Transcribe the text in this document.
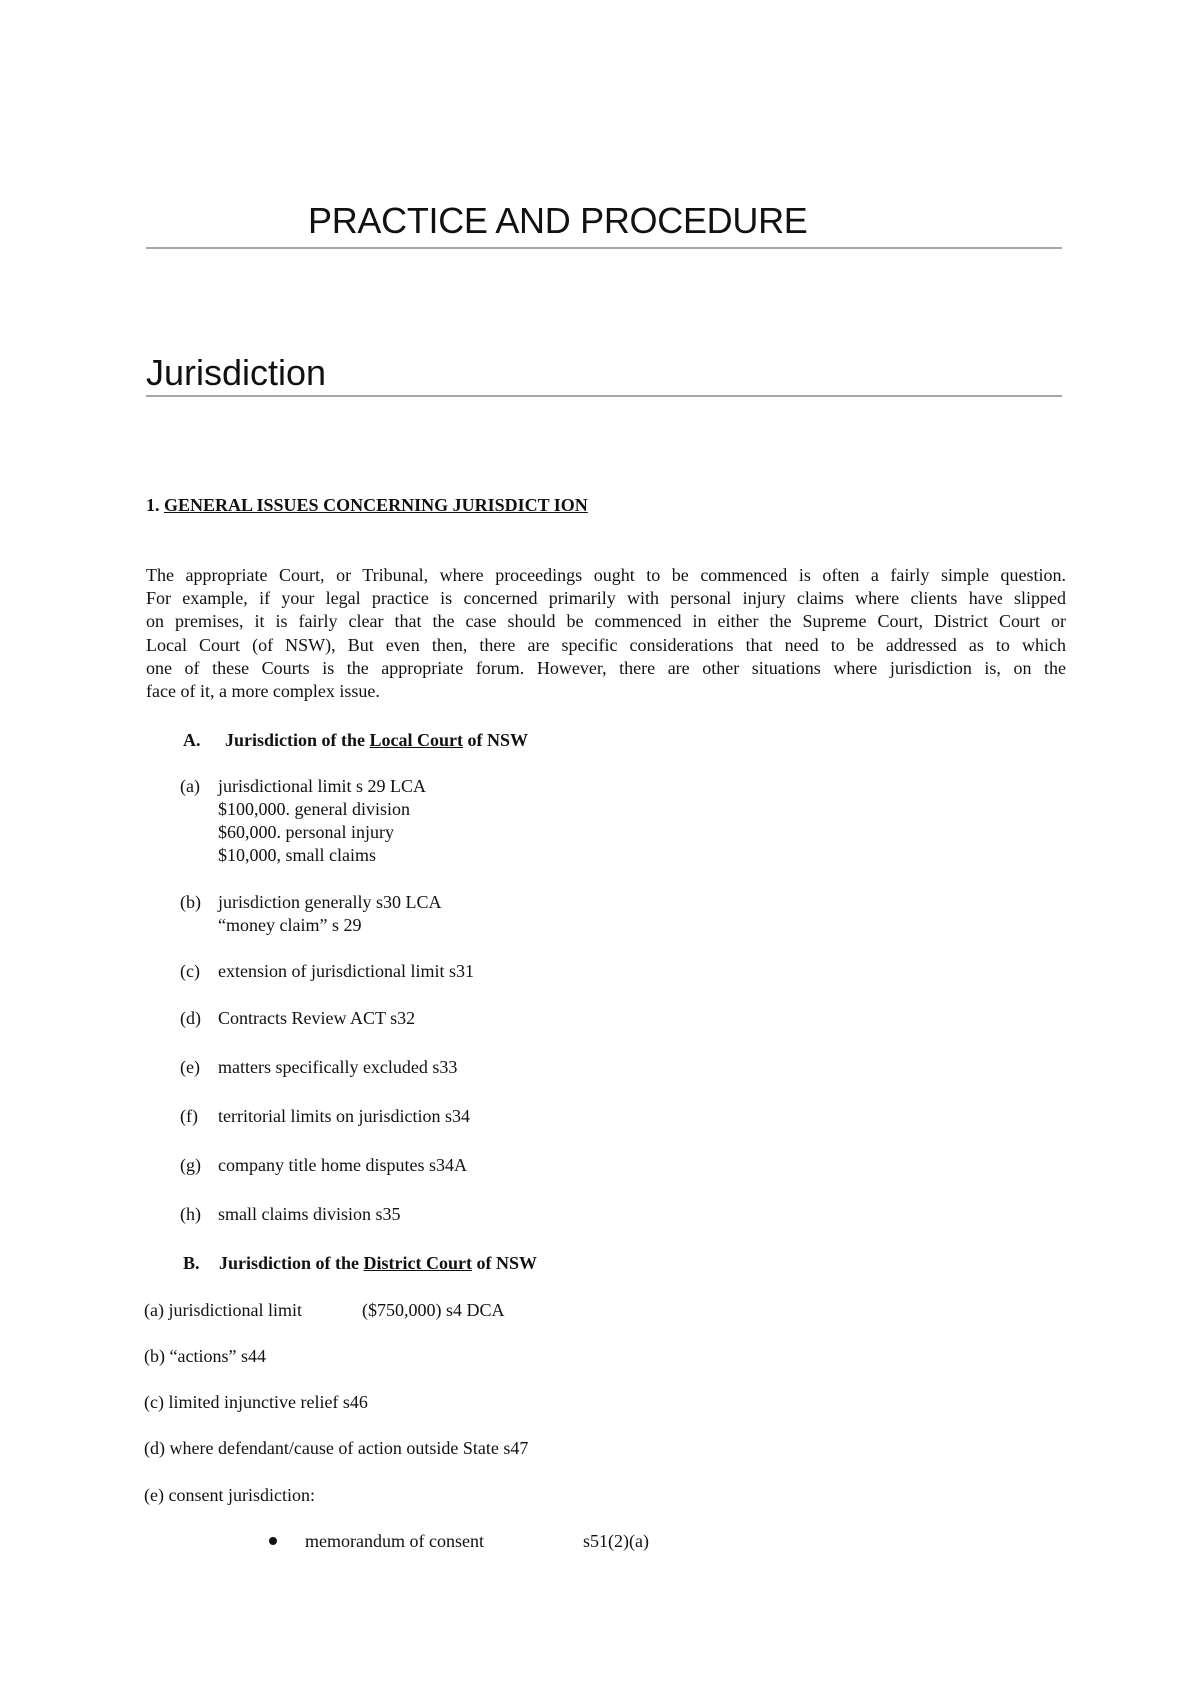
PRACTICE AND PROCEDURE
Jurisdiction
1. GENERAL ISSUES CONCERNING JURISDICT ION
The appropriate Court, or Tribunal, where proceedings ought to be commenced is often a fairly simple question.
For example, if your legal practice is concerned primarily with personal injury claims where clients have slipped
on premises, it is fairly clear that the case should be commenced in either the Supreme Court, District Court or
Local Court (of NSW), But even then, there are specific considerations that need to be addressed as to which
one of these Courts is the appropriate forum. However, there are other situations where jurisdiction is, on the
face of it, a more complex issue.
A. Jurisdiction of the Local Court of NSW
(a) jurisdictional limit s 29 LCA
$100,000. general division
$60,000. personal injury
$10,000, small claims
(b) jurisdiction generally s30 LCA
“money claim” s 29
(c) extension of jurisdictional limit s31
(d) Contracts Review ACT s32
(e) matters specifically excluded s33
(f) territorial limits on jurisdiction s34
(g) company title home disputes s34A
(h) small claims division s35
B. Jurisdiction of the District Court of NSW
(a) jurisdictional limit	($750,000) s4 DCA
(b) “actions” s44
(c) limited injunctive relief s46
(d) where defendant/cause of action outside State s47
(e) consent jurisdiction:
memorandum of consent	s51(2)(a)
